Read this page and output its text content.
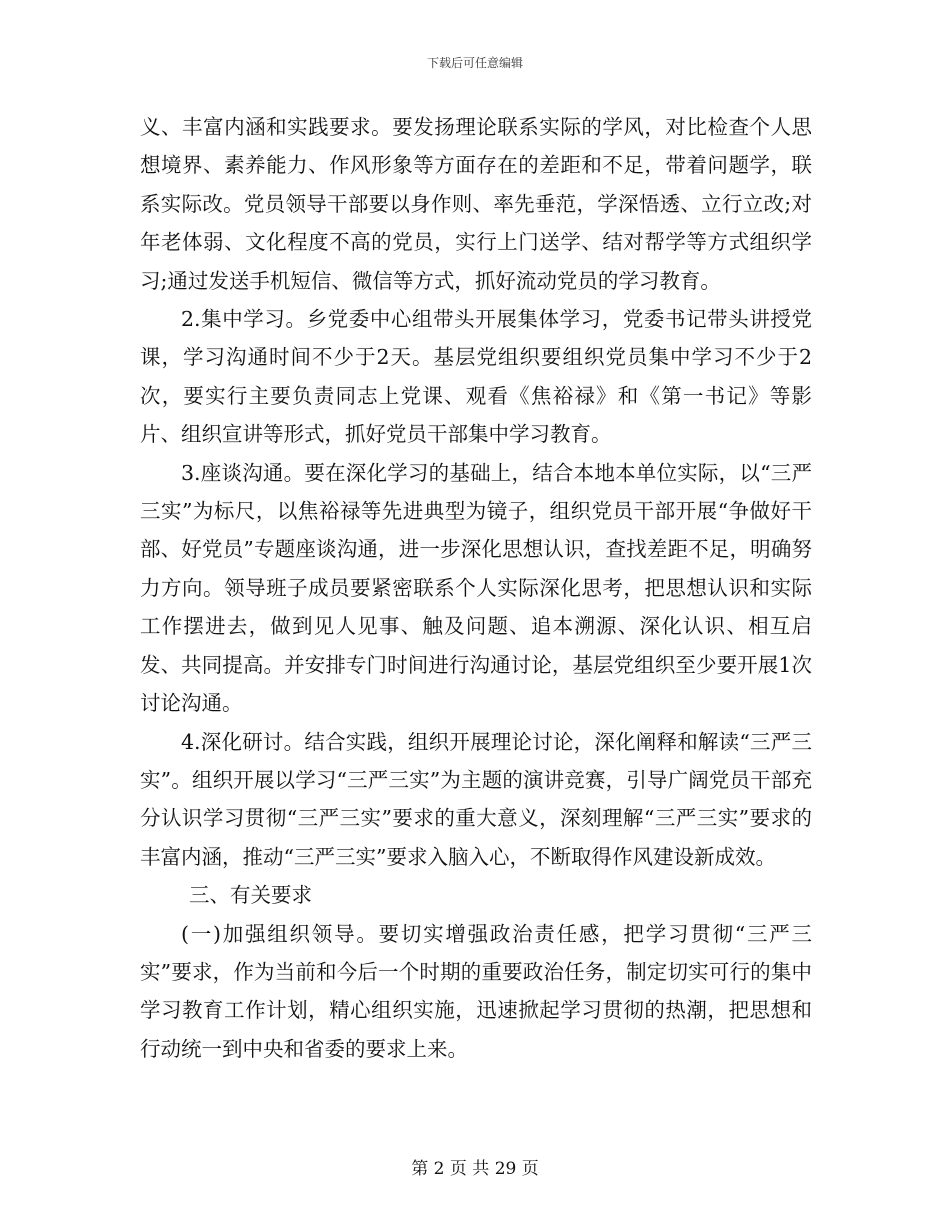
下载后可任意编辑

义、丰富内涵和实践要求。要发扬理论联系实际的学风，对比检查个人思想境界、素养能力、作风形象等方面存在的差距和不足，带着问题学，联系实际改。党员领导干部要以身作则、率先垂范，学深悟透、立行立改;对年老体弱、文化程度不高的党员，实行上门送学、结对帮学等方式组织学习;通过发送手机短信、微信等方式，抓好流动党员的学习教育。

2.集中学习。乡党委中心组带头开展集体学习，党委书记带头讲授党课，学习沟通时间不少于2天。基层党组织要组织党员集中学习不少于2次，要实行主要负责同志上党课、观看《焦裕禄》和《第一书记》等影片、组织宣讲等形式，抓好党员干部集中学习教育。

3.座谈沟通。要在深化学习的基础上，结合本地本单位实际，以“三严三实”为标尺，以焦裕禄等先进典型为镜子，组织党员干部开展“争做好干部、好党员”专题座谈沟通，进一步深化思想认识，查找差距不足，明确努力方向。领导班子成员要紧密联系个人实际深化思考，把思想认识和实际工作摆进去，做到见人见事、触及问题、追本溯源、深化认识、相互启发、共同提高。并安排专门时间进行沟通讨论，基层党组织至少要开展1次讨论沟通。

4.深化研讨。结合实践，组织开展理论讨论，深化阐释和解读“三严三实”。组织开展以学习“三严三实”为主题的演讲竞赛，引导广阔党员干部充分认识学习贯彻“三严三实”要求的重大意义，深刻理解“三严三实”要求的丰富内涵，推动“三严三实”要求入脑入心，不断取得作风建设新成效。

三、有关要求

(一)加强组织领导。要切实增强政治责任感，把学习贯彻“三严三实”要求，作为当前和今后一个时期的重要政治任务，制定切实可行的集中学习教育工作计划，精心组织实施，迅速掀起学习贯彻的热潮，把思想和行动统一到中央和省委的要求上来。

第 2 页 共 29 页
